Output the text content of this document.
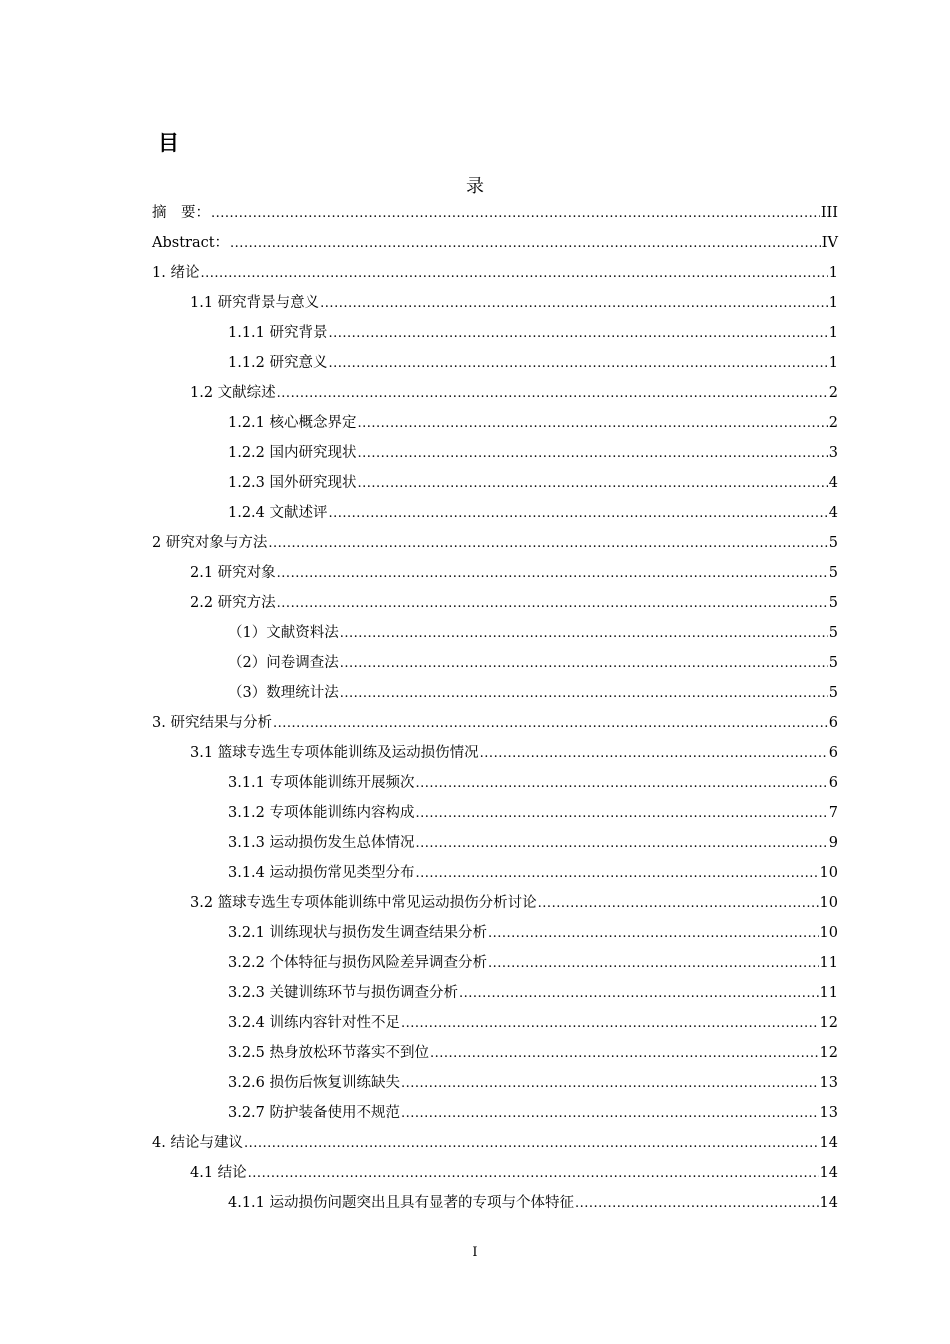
目
录
摘　要： .....	III
Abstract： .....	IV
1. 绪论 .....	1
1.1 研究背景与意义 .....	1
1.1.1 研究背景 .....	1
1.1.2 研究意义 .....	1
1.2 文献综述 .....	2
1.2.1 核心概念界定 .....	2
1.2.2 国内研究现状 .....	3
1.2.3 国外研究现状 .....	4
1.2.4 文献述评 .....	4
2 研究对象与方法 .....	5
2.1 研究对象 .....	5
2.2 研究方法 .....	5
（1）文献资料法 .....	5
（2）问卷调查法 .....	5
（3）数理统计法 .....	5
3. 研究结果与分析 .....	6
3.1 篮球专选生专项体能训练及运动损伤情况 .....	6
3.1.1 专项体能训练开展频次 .....	6
3.1.2 专项体能训练内容构成 .....	7
3.1.3 运动损伤发生总体情况 .....	9
3.1.4 运动损伤常见类型分布 .....	10
3.2 篮球专选生专项体能训练中常见运动损伤分析讨论 .....	10
3.2.1 训练现状与损伤发生调查结果分析 .....	10
3.2.2 个体特征与损伤风险差异调查分析 .....	11
3.2.3 关键训练环节与损伤调查分析 .....	11
3.2.4 训练内容针对性不足 .....	12
3.2.5 热身放松环节落实不到位 .....	12
3.2.6 损伤后恢复训练缺失 .....	13
3.2.7 防护装备使用不规范 .....	13
4. 结论与建议 .....	14
4.1 结论 .....	14
4.1.1 运动损伤问题突出且具有显著的专项与个体特征 .....	14
I
